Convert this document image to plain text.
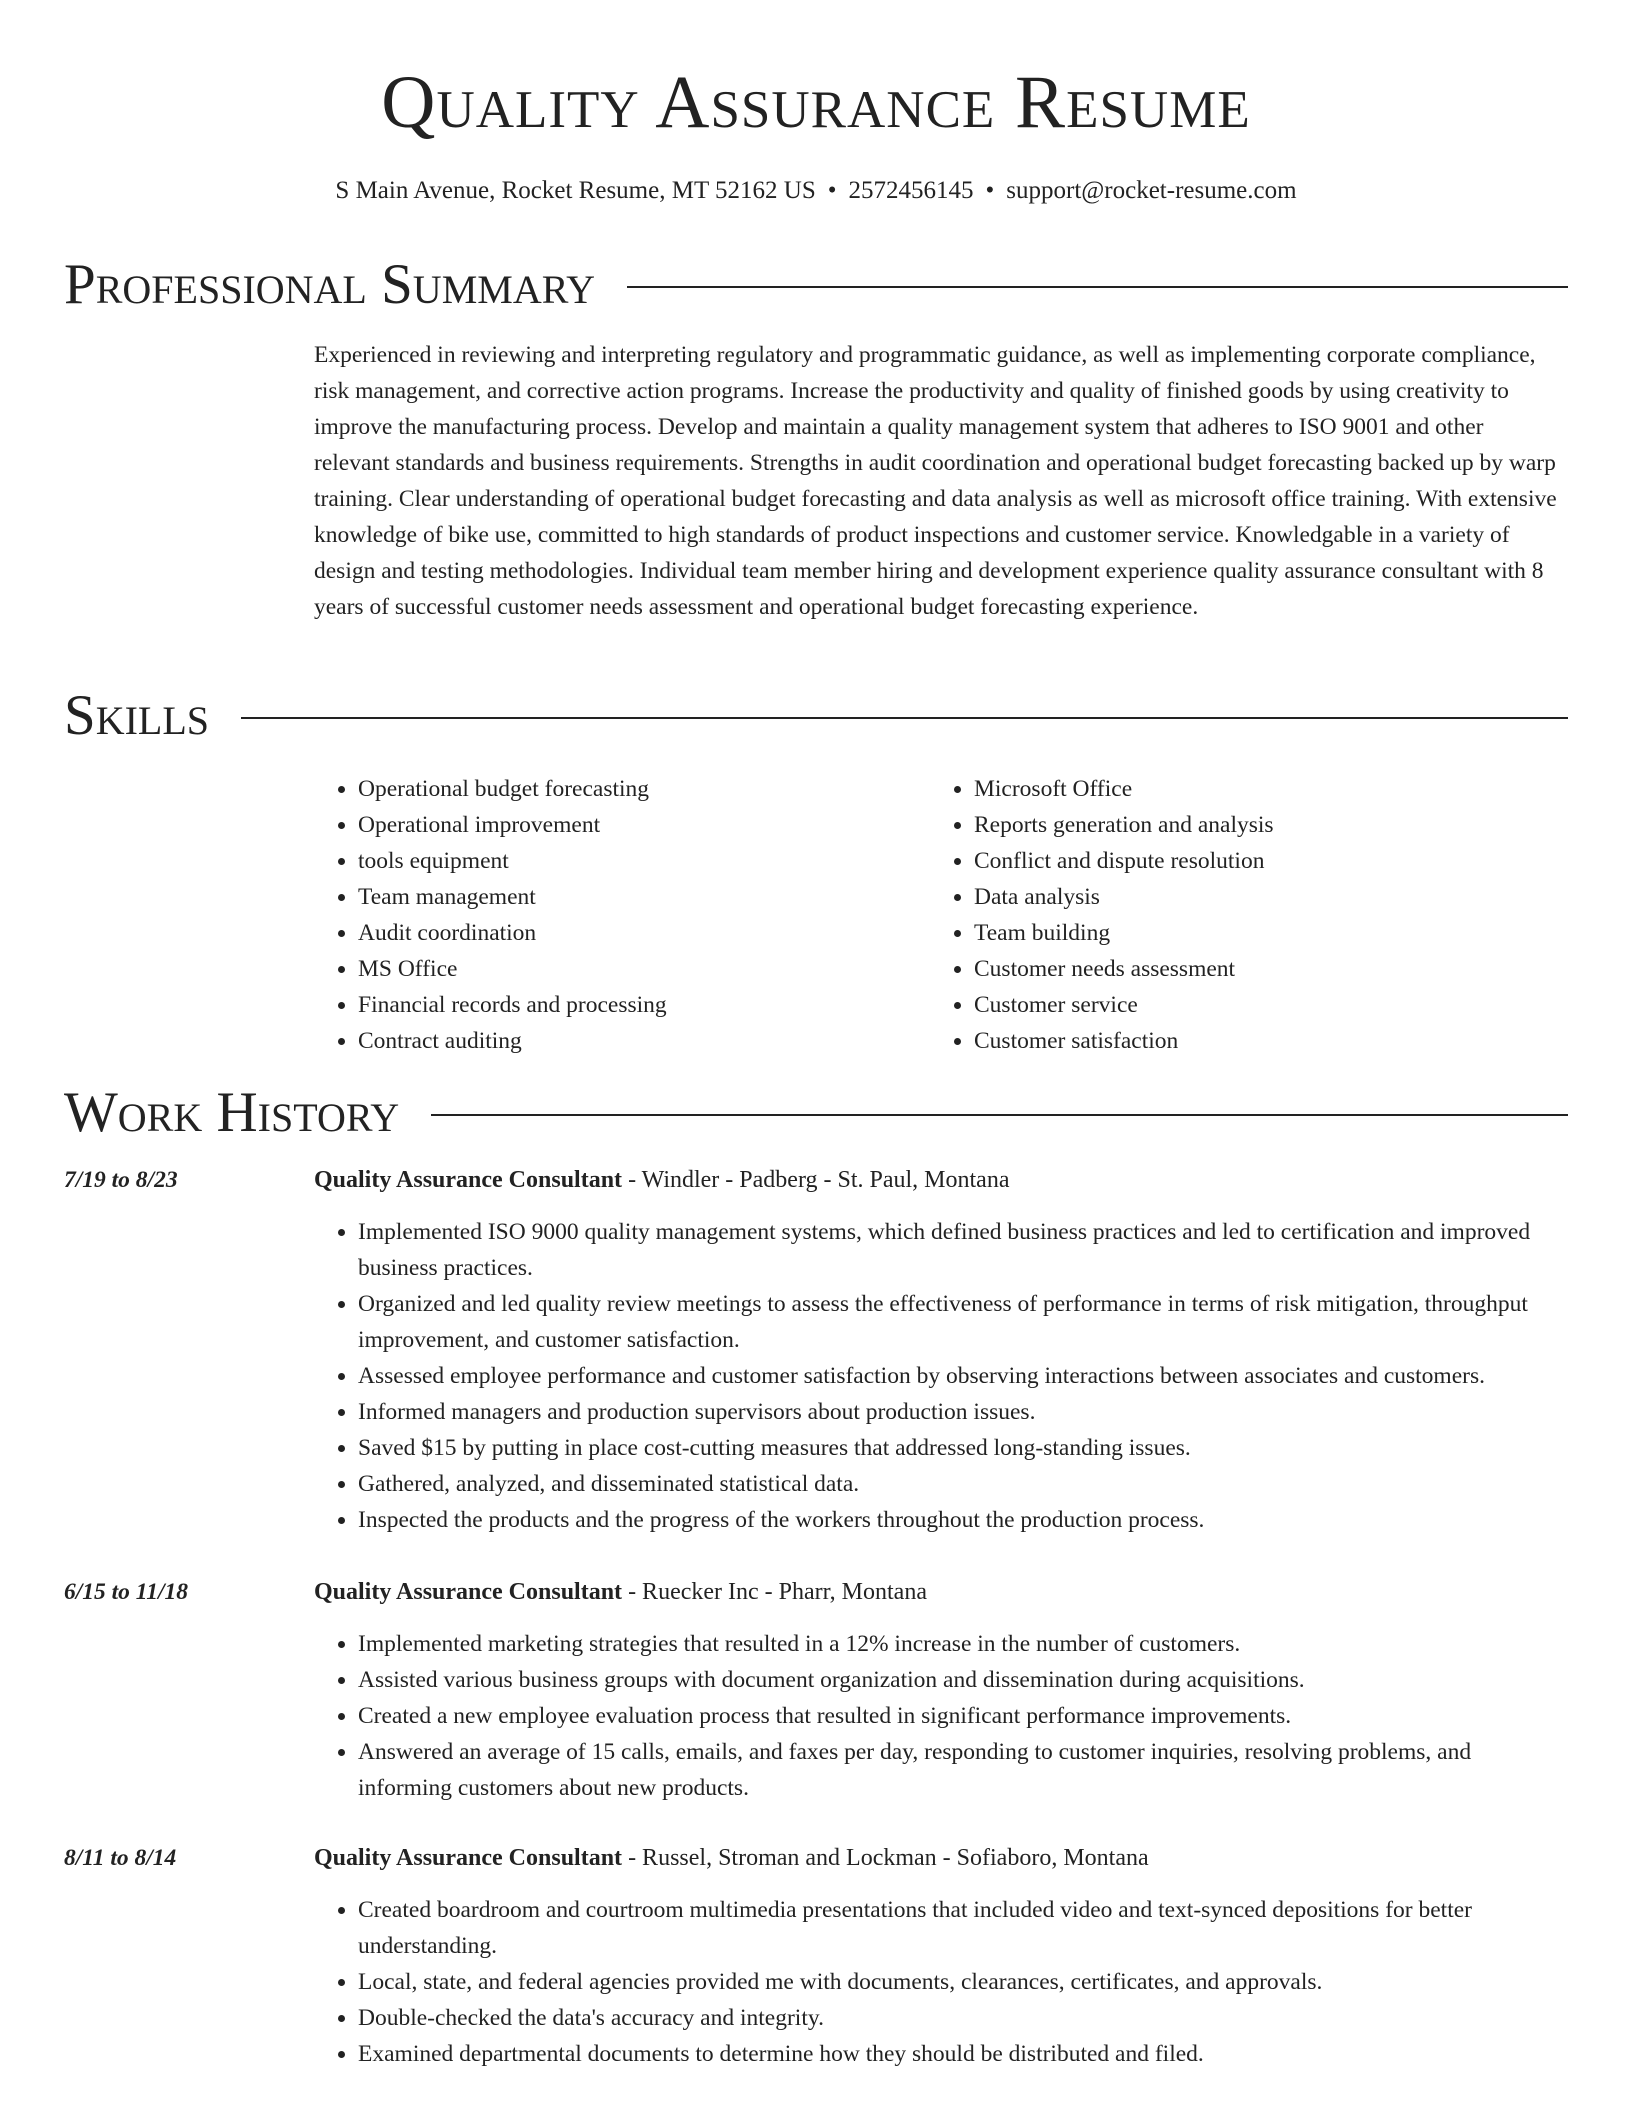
Quality Assurance Resume
S Main Avenue, Rocket Resume, MT 52162 US • 2572456145 • support@rocket-resume.com
Professional Summary

Experienced in reviewing and interpreting regulatory and programmatic guidance, as well as implementing corporate compliance, risk management, and corrective action programs. Increase the productivity and quality of finished goods by using creativity to improve the manufacturing process. Develop and maintain a quality management system that adheres to ISO 9001 and other relevant standards and business requirements. Strengths in audit coordination and operational budget forecasting backed up by warp training. Clear understanding of operational budget forecasting and data analysis as well as microsoft office training. With extensive knowledge of bike use, committed to high standards of product inspections and customer service. Knowledgable in a variety of design and testing methodologies. Individual team member hiring and development experience quality assurance consultant with 8 years of successful customer needs assessment and operational budget forecasting experience.

Skills
• Operational budget forecasting
• Operational improvement
• tools equipment
• Team management
• Audit coordination
• MS Office
• Financial records and processing
• Contract auditing
• Microsoft Office
• Reports generation and analysis
• Conflict and dispute resolution
• Data analysis
• Team building
• Customer needs assessment
• Customer service
• Customer satisfaction
Work History
7/19 to 8/23	Quality Assurance Consultant - Windler - Padberg - St. Paul, Montana
• Implemented ISO 9000 quality management systems, which defined business practices and led to certification and improved business practices.
• Organized and led quality review meetings to assess the effectiveness of performance in terms of risk mitigation, throughput improvement, and customer satisfaction.
• Assessed employee performance and customer satisfaction by observing interactions between associates and customers.
• Informed managers and production supervisors about production issues.
• Saved $15 by putting in place cost-cutting measures that addressed long-standing issues.
• Gathered, analyzed, and disseminated statistical data.
• Inspected the products and the progress of the workers throughout the production process.
6/15 to 11/18	Quality Assurance Consultant - Ruecker Inc - Pharr, Montana
• Implemented marketing strategies that resulted in a 12% increase in the number of customers.
• Assisted various business groups with document organization and dissemination during acquisitions.
• Created a new employee evaluation process that resulted in significant performance improvements.
• Answered an average of 15 calls, emails, and faxes per day, responding to customer inquiries, resolving problems, and informing customers about new products.
8/11 to 8/14	Quality Assurance Consultant - Russel, Stroman and Lockman - Sofiaboro, Montana
• Created boardroom and courtroom multimedia presentations that included video and text-synced depositions for better understanding.
• Local, state, and federal agencies provided me with documents, clearances, certificates, and approvals.
• Double-checked the data's accuracy and integrity.
• Examined departmental documents to determine how they should be distributed and filed.
